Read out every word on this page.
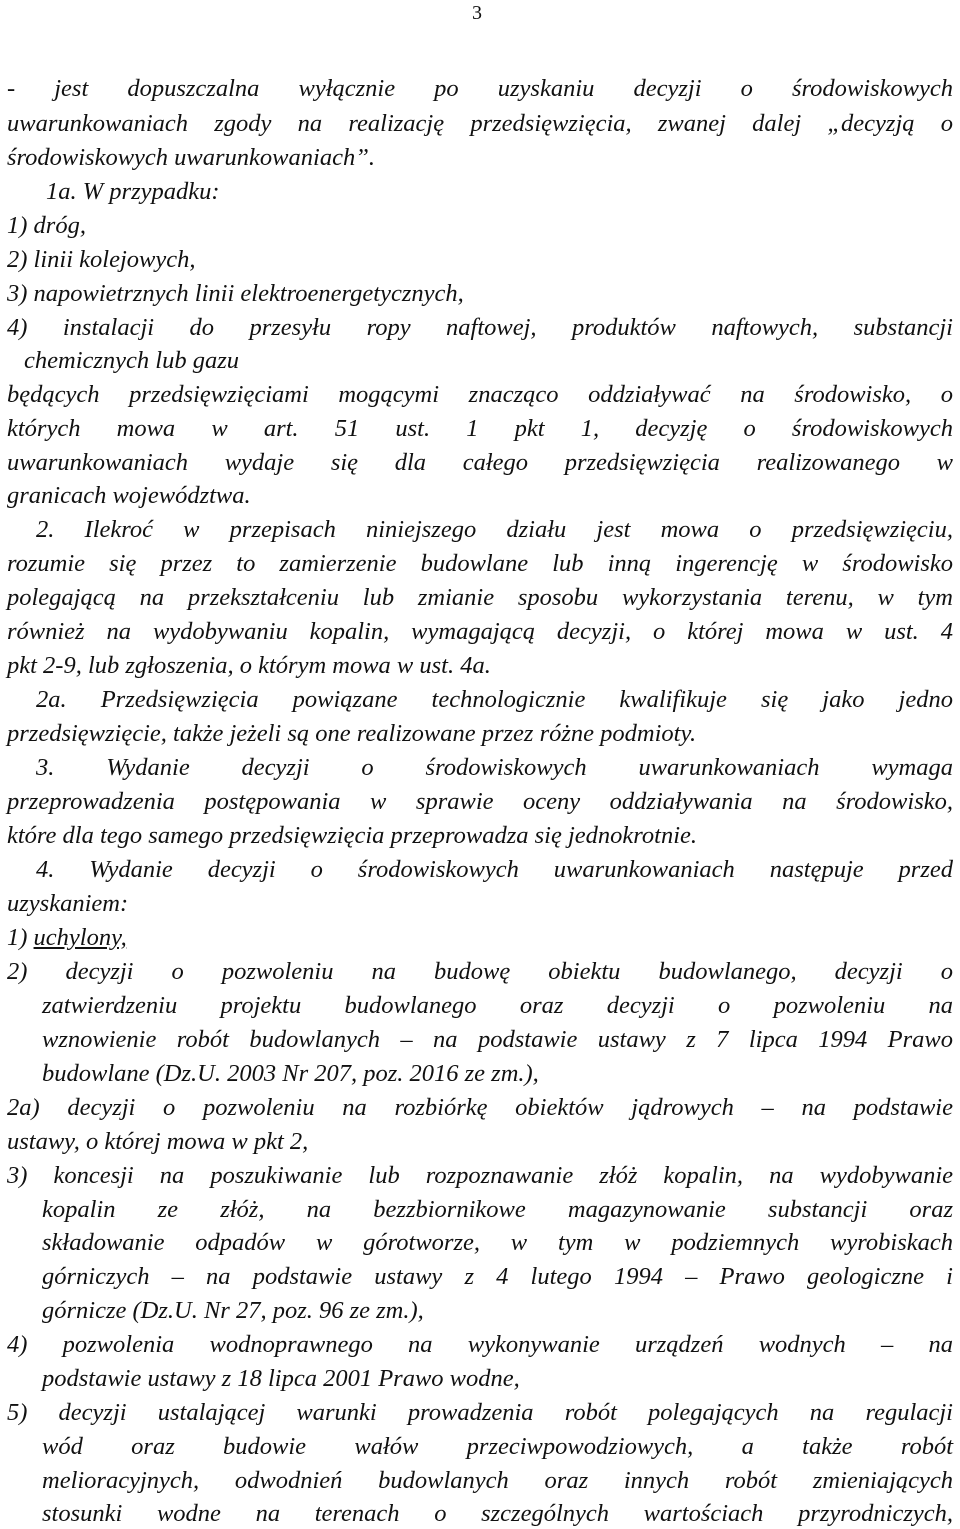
3
- jest dopuszczalna wyłącznie po uzyskaniu decyzji o środowiskowych
uwarunkowaniach zgody na realizację przedsięwzięcia, zwanej dalej „decyzją o
środowiskowych uwarunkowaniach”.
1a. W przypadku:
1) dróg,
2) linii kolejowych,
3) napowietrznych linii elektroenergetycznych,
4) instalacji do przesyłu ropy naftowej, produktów naftowych, substancji
chemicznych lub gazu
będących przedsięwzięciami mogącymi znacząco oddziaływać na środowisko, o
których mowa w art. 51 ust. 1 pkt 1, decyzję o środowiskowych
uwarunkowaniach wydaje się dla całego przedsięwzięcia realizowanego w
granicach województwa.
2. Ilekroć w przepisach niniejszego działu jest mowa o przedsięwzięciu,
rozumie się przez to zamierzenie budowlane lub inną ingerencję w środowisko
polegającą na przekształceniu lub zmianie sposobu wykorzystania terenu, w tym
również na wydobywaniu kopalin, wymagającą decyzji, o której mowa w ust. 4
pkt 2-9, lub zgłoszenia, o którym mowa w ust. 4a.
2a. Przedsięwzięcia powiązane technologicznie kwalifikuje się jako jedno
przedsięwzięcie, także jeżeli są one realizowane przez różne podmioty.
3. Wydanie decyzji o środowiskowych uwarunkowaniach wymaga
przeprowadzenia postępowania w sprawie oceny oddziaływania na środowisko,
które dla tego samego przedsięwzięcia przeprowadza się jednokrotnie.
4. Wydanie decyzji o środowiskowych uwarunkowaniach następuje przed
uzyskaniem:
1) uchylony,
2) decyzji o pozwoleniu na budowę obiektu budowlanego, decyzji o
zatwierdzeniu projektu budowlanego oraz decyzji o pozwoleniu na
wznowienie robót budowlanych – na podstawie ustawy z 7 lipca 1994 Prawo
budowlane (Dz.U. 2003 Nr 207, poz. 2016 ze zm.),
2a) decyzji o pozwoleniu na rozbiórkę obiektów jądrowych – na podstawie
ustawy, o której mowa w pkt 2,
3) koncesji na poszukiwanie lub rozpoznawanie złóż kopalin, na wydobywanie
kopalin ze złóż, na bezzbiornikowe magazynowanie substancji oraz
składowanie odpadów w górotworze, w tym w podziemnych wyrobiskach
górniczych – na podstawie ustawy z 4 lutego 1994 – Prawo geologiczne i
górnicze (Dz.U. Nr 27, poz. 96 ze zm.),
4) pozwolenia wodnoprawnego na wykonywanie urządzeń wodnych – na
podstawie ustawy z 18 lipca 2001 Prawo wodne,
5) decyzji ustalającej warunki prowadzenia robót polegających na regulacji
wód oraz budowie wałów przeciwpowodziowych, a także robót
melioracyjnych, odwodnień budowlanych oraz innych robót zmieniających
stosunki wodne na terenach o szczególnych wartościach przyrodniczych,
